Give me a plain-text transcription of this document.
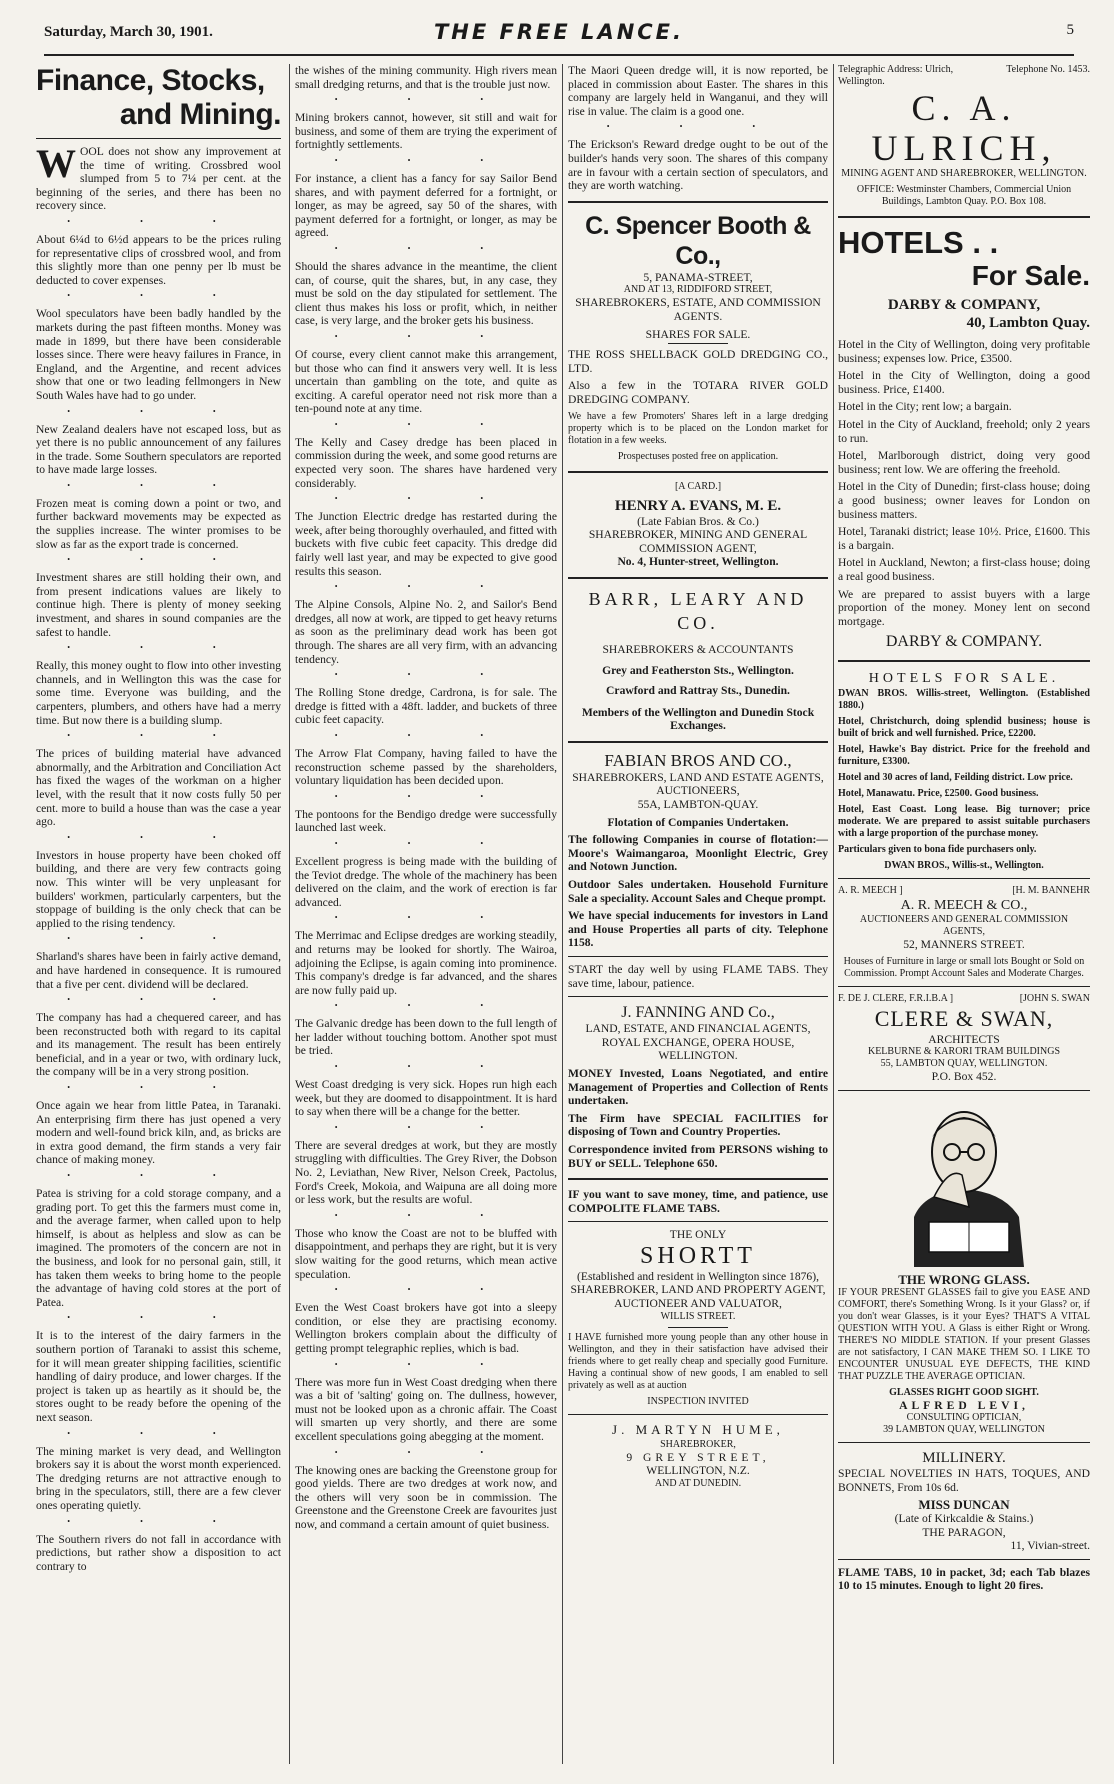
Saturday, March 30, 1901.	THE FREE LANCE.	5
Finance, Stocks,
and Mining.

WOOL does not show any improvement at the time of writing. Crossbred wool slumped from 5 to 7¼ per cent. at the beginning of the series, and there has been no recovery since.

• • •

About 6¼d to 6½d appears to be the prices ruling for representative clips of crossbred wool, and from this slightly more than one penny per lb must be deducted to cover expenses.

• • •

Wool speculators have been badly handled by the markets during the past fifteen months. Money was made in 1899, but there have been considerable losses since. There were heavy failures in France, in England, and the Argentine, and recent advices show that one or two leading fellmongers in New South Wales have had to go under.

• • •

New Zealand dealers have not escaped loss, but as yet there is no public announcement of any failures in the trade. Some Southern speculators are reported to have made large losses.

• • •

Frozen meat is coming down a point or two, and further backward movements may be expected as the supplies increase. The winter promises to be slow as far as the export trade is concerned.

• • •

Investment shares are still holding their own, and from present indications values are likely to continue high. There is plenty of money seeking investment, and shares in sound companies are the safest to handle.

• • •

Really, this money ought to flow into other investing channels, and in Wellington this was the case for some time. Everyone was building, and the carpenters, plumbers, and others have had a merry time. But now there is a building slump.

• • •

The prices of building material have advanced abnormally, and the Arbitration and Conciliation Act has fixed the wages of the workman on a higher level, with the result that it now costs fully 50 per cent. more to build a house than was the case a year ago.

• • •

Investors in house property have been choked off building, and there are very few contracts going now. This winter will be very unpleasant for builders' workmen, particularly carpenters, but the stoppage of building is the only check that can be applied to the rising tendency.

• • •

Sharland's shares have been in fairly active demand, and have hardened in consequence. It is rumoured that a five per cent. dividend will be declared.

• • •

The company has had a chequered career, and has been reconstructed both with regard to its capital and its management. The result has been entirely beneficial, and in a year or two, with ordinary luck, the company will be in a very strong position.

• • •

Once again we hear from little Patea, in Taranaki. An enterprising firm there has just opened a very modern and well-found brick kiln, and, as bricks are in extra good demand, the firm stands a very fair chance of making money.

• • •

Patea is striving for a cold storage company, and a grading port. To get this the farmers must come in, and the average farmer, when called upon to help himself, is about as helpless and slow as can be imagined. The promoters of the concern are not in the business, and look for no personal gain, still, it has taken them weeks to bring home to the people the advantage of having cold stores at the port of Patea.

• • •

It is to the interest of the dairy farmers in the southern portion of Taranaki to assist this scheme, for it will mean greater shipping facilities, scientific handling of dairy produce, and lower charges. If the project is taken up as heartily as it should be, the stores ought to be ready before the opening of the next season.

• • •

The mining market is very dead, and Wellington brokers say it is about the worst month experienced. The dredging returns are not attractive enough to bring in the speculators, still, there are a few clever ones operating quietly.

• • •

The Southern rivers do not fall in accordance with predictions, but rather show a disposition to act contrary to

the wishes of the mining community. High rivers mean small dredging returns, and that is the trouble just now.

• • •

Mining brokers cannot, however, sit still and wait for business, and some of them are trying the experiment of fortnightly settlements.

• • •

For instance, a client has a fancy for say Sailor Bend shares, and with payment deferred for a fortnight, or longer, as may be agreed, say 50 of the shares, with payment deferred for a fortnight, or longer, as may be agreed.

• • •

Should the shares advance in the meantime, the client can, of course, quit the shares, but, in any case, they must be sold on the day stipulated for settlement. The client thus makes his loss or profit, which, in neither case, is very large, and the broker gets his business.

• • •

Of course, every client cannot make this arrangement, but those who can find it answers very well. It is less uncertain than gambling on the tote, and quite as exciting. A careful operator need not risk more than a ten-pound note at any time.

• • •

The Kelly and Casey dredge has been placed in commission during the week, and some good returns are expected very soon. The shares have hardened very considerably.

• • •

The Junction Electric dredge has restarted during the week, after being thoroughly overhauled, and fitted with buckets with five cubic feet capacity. This dredge did fairly well last year, and may be expected to give good results this season.

• • •

The Alpine Consols, Alpine No. 2, and Sailor's Bend dredges, all now at work, are tipped to get heavy returns as soon as the preliminary dead work has been got through. The shares are all very firm, with an advancing tendency.

• • •

The Rolling Stone dredge, Cardrona, is for sale. The dredge is fitted with a 48ft. ladder, and buckets of three cubic feet capacity.

• • •

The Arrow Flat Company, having failed to have the reconstruction scheme passed by the shareholders, voluntary liquidation has been decided upon.

• • •

The pontoons for the Bendigo dredge were successfully launched last week.

• • •

Excellent progress is being made with the building of the Teviot dredge. The whole of the machinery has been delivered on the claim, and the work of erection is far advanced.

• • •

The Merrimac and Eclipse dredges are working steadily, and returns may be looked for shortly. The Wairoa, adjoining the Eclipse, is again coming into prominence. This company's dredge is far advanced, and the shares are now fully paid up.

• • •

The Galvanic dredge has been down to the full length of her ladder without touching bottom. Another spot must be tried.

• • •

West Coast dredging is very sick. Hopes run high each week, but they are doomed to disappointment. It is hard to say when there will be a change for the better.

• • •

There are several dredges at work, but they are mostly struggling with difficulties. The Grey River, the Dobson No. 2, Leviathan, New River, Nelson Creek, Pactolus, Ford's Creek, Mokoia, and Waipuna are all doing more or less work, but the results are woful.

• • •

Those who know the Coast are not to be bluffed with disappointment, and perhaps they are right, but it is very slow waiting for the good returns, which mean active speculation.

• • •

Even the West Coast brokers have got into a sleepy condition, or else they are practising economy. Wellington brokers complain about the difficulty of getting prompt telegraphic replies, which is bad.

• • •

There was more fun in West Coast dredging when there was a bit of 'salting' going on. The dullness, however, must not be looked upon as a chronic affair. The Coast will smarten up very shortly, and there are some excellent speculations going abegging at the moment.

• • •

The knowing ones are backing the Greenstone group for good yields. There are two dredges at work now, and the others will very soon be in commission. The Greenstone and the Greenstone Creek are favourites just now, and command a certain amount of quiet business.

The Maori Queen dredge will, it is now reported, be placed in commission about Easter. The shares in this company are largely held in Wanganui, and they will rise in value. The claim is a good one.

• • •

The Erickson's Reward dredge ought to be out of the builder's hands very soon. The shares of this company are in favour with a certain section of speculators, and they are worth watching.

C. Spencer Booth & Co.,
5, PANAMA-STREET,
AND AT 13, RIDDIFORD STREET,
SHAREBROKERS, ESTATE, AND COMMISSION AGENTS.
SHARES FOR SALE.

THE ROSS SHELLBACK GOLD DREDGING CO., LTD.

Also a few in the TOTARA RIVER GOLD DREDGING COMPANY.

We have a few Promoters' Shares left in a large dredging property which is to be placed on the London market for flotation in a few weeks.

Prospectuses posted free on application.
[A CARD.]
HENRY A. EVANS, M. E.
(Late Fabian Bros. & Co.)
SHAREBROKER, MINING AND GENERAL COMMISSION AGENT,
No. 4, Hunter-street, Wellington.
BARR, LEARY AND CO.
SHAREBROKERS & ACCOUNTANTS
Grey and Featherston Sts., Wellington.
Crawford and Rattray Sts., Dunedin.
Members of the Wellington and Dunedin Stock Exchanges.
FABIAN BROS AND CO.,
SHAREBROKERS, LAND AND ESTATE AGENTS, AUCTIONEERS,
55A, LAMBTON-QUAY.
Flotation of Companies Undertaken.

The following Companies in course of flotation:—Moore's Waimangaroa, Moonlight Electric, Grey and Notown Junction.

Outdoor Sales undertaken. Household Furniture Sale a speciality. Account Sales and Cheque prompt.

We have special inducements for investors in Land and House Properties all parts of city. Telephone 1158.

START the day well by using FLAME TABS. They save time, labour, patience.

J. FANNING AND Co.,
LAND, ESTATE, AND FINANCIAL AGENTS,
ROYAL EXCHANGE, OPERA HOUSE, WELLINGTON.

MONEY Invested, Loans Negotiated, and entire Management of Properties and Collection of Rents undertaken.

The Firm have SPECIAL FACILITIES for disposing of Town and Country Properties.

Correspondence invited from PERSONS wishing to BUY or SELL. Telephone 650.

IF you want to save money, time, and patience, use COMPOLITE FLAME TABS.

THE ONLY
SHORTT
(Established and resident in Wellington since 1876),
SHAREBROKER, LAND AND PROPERTY AGENT, AUCTIONEER AND VALUATOR,
WILLIS STREET.

I HAVE furnished more young people than any other house in Wellington, and they in their satisfaction have advised their friends where to get really cheap and specially good Furniture. Having a continual show of new goods, I am enabled to sell privately as well as at auction

INSPECTION INVITED
J. MARTYN HUME,
SHAREBROKER,
9 GREY STREET,
WELLINGTON, N.Z.
AND AT DUNEDIN.
Telegraphic Address: Ulrich, Wellington.
Telephone No. 1453.
C. A. ULRICH,
MINING AGENT AND SHAREBROKER, WELLINGTON.
OFFICE: Westminster Chambers, Commercial Union Buildings, Lambton Quay. P.O. Box 108.
HOTELS . .
For Sale.
DARBY & COMPANY,
40, Lambton Quay.

Hotel in the City of Wellington, doing very profitable business; expenses low. Price, £3500.

Hotel in the City of Wellington, doing a good business. Price, £1400.

Hotel in the City; rent low; a bargain.

Hotel in the City of Auckland, freehold; only 2 years to run.

Hotel, Marlborough district, doing very good business; rent low. We are offering the freehold.

Hotel in the City of Dunedin; first-class house; doing a good business; owner leaves for London on business matters.

Hotel, Taranaki district; lease 10½. Price, £1600. This is a bargain.

Hotel in Auckland, Newton; a first-class house; doing a real good business.

We are prepared to assist buyers with a large proportion of the money. Money lent on second mortgage.

DARBY & COMPANY.
HOTELS FOR SALE.

DWAN BROS. Willis-street, Wellington. (Established 1880.)

Hotel, Christchurch, doing splendid business; house is built of brick and well furnished. Price, £2200.

Hotel, Hawke's Bay district. Price for the freehold and furniture, £3300.

Hotel and 30 acres of land, Feilding district. Low price.

Hotel, Manawatu. Price, £2500. Good business.

Hotel, East Coast. Long lease. Big turnover; price moderate. We are prepared to assist suitable purchasers with a large proportion of the purchase money.

Particulars given to bona fide purchasers only.

DWAN BROS., Willis-st., Wellington.
A. R. MEECH ]	[H. M. BANNEHR
A. R. MEECH & CO.,
AUCTIONEERS AND GENERAL COMMISSION AGENTS,
52, MANNERS STREET.
Houses of Furniture in large or small lots Bought or Sold on Commission. Prompt Account Sales and Moderate Charges.
F. DE J. CLERE, F.R.I.B.A ]	[JOHN S. SWAN
CLERE & SWAN,
ARCHITECTS
KELBURNE & KARORI TRAM BUILDINGS
55, LAMBTON QUAY, WELLINGTON.
P.O. Box 452.
THE WRONG GLASS.

IF YOUR PRESENT GLASSES fail to give you EASE AND COMFORT, there's Something Wrong. Is it your Glass? or, if you don't wear Glasses, is it your Eyes? THAT'S A VITAL QUESTION WITH YOU. A Glass is either Right or Wrong. THERE'S NO MIDDLE STATION. If your present Glasses are not satisfactory, I CAN MAKE THEM SO. I LIKE TO ENCOUNTER UNUSUAL EYE DEFECTS, THE KIND THAT PUZZLE THE AVERAGE OPTICIAN.

GLASSES RIGHT GOOD SIGHT.
ALFRED LEVI,
CONSULTING OPTICIAN,
39 LAMBTON QUAY, WELLINGTON
MILLINERY.

SPECIAL NOVELTIES IN HATS, TOQUES, AND BONNETS, From 10s 6d.

MISS DUNCAN
(Late of Kirkcaldie & Stains.)
THE PARAGON,
11, Vivian-street.

FLAME TABS, 10 in packet, 3d; each Tab blazes 10 to 15 minutes. Enough to light 20 fires.
